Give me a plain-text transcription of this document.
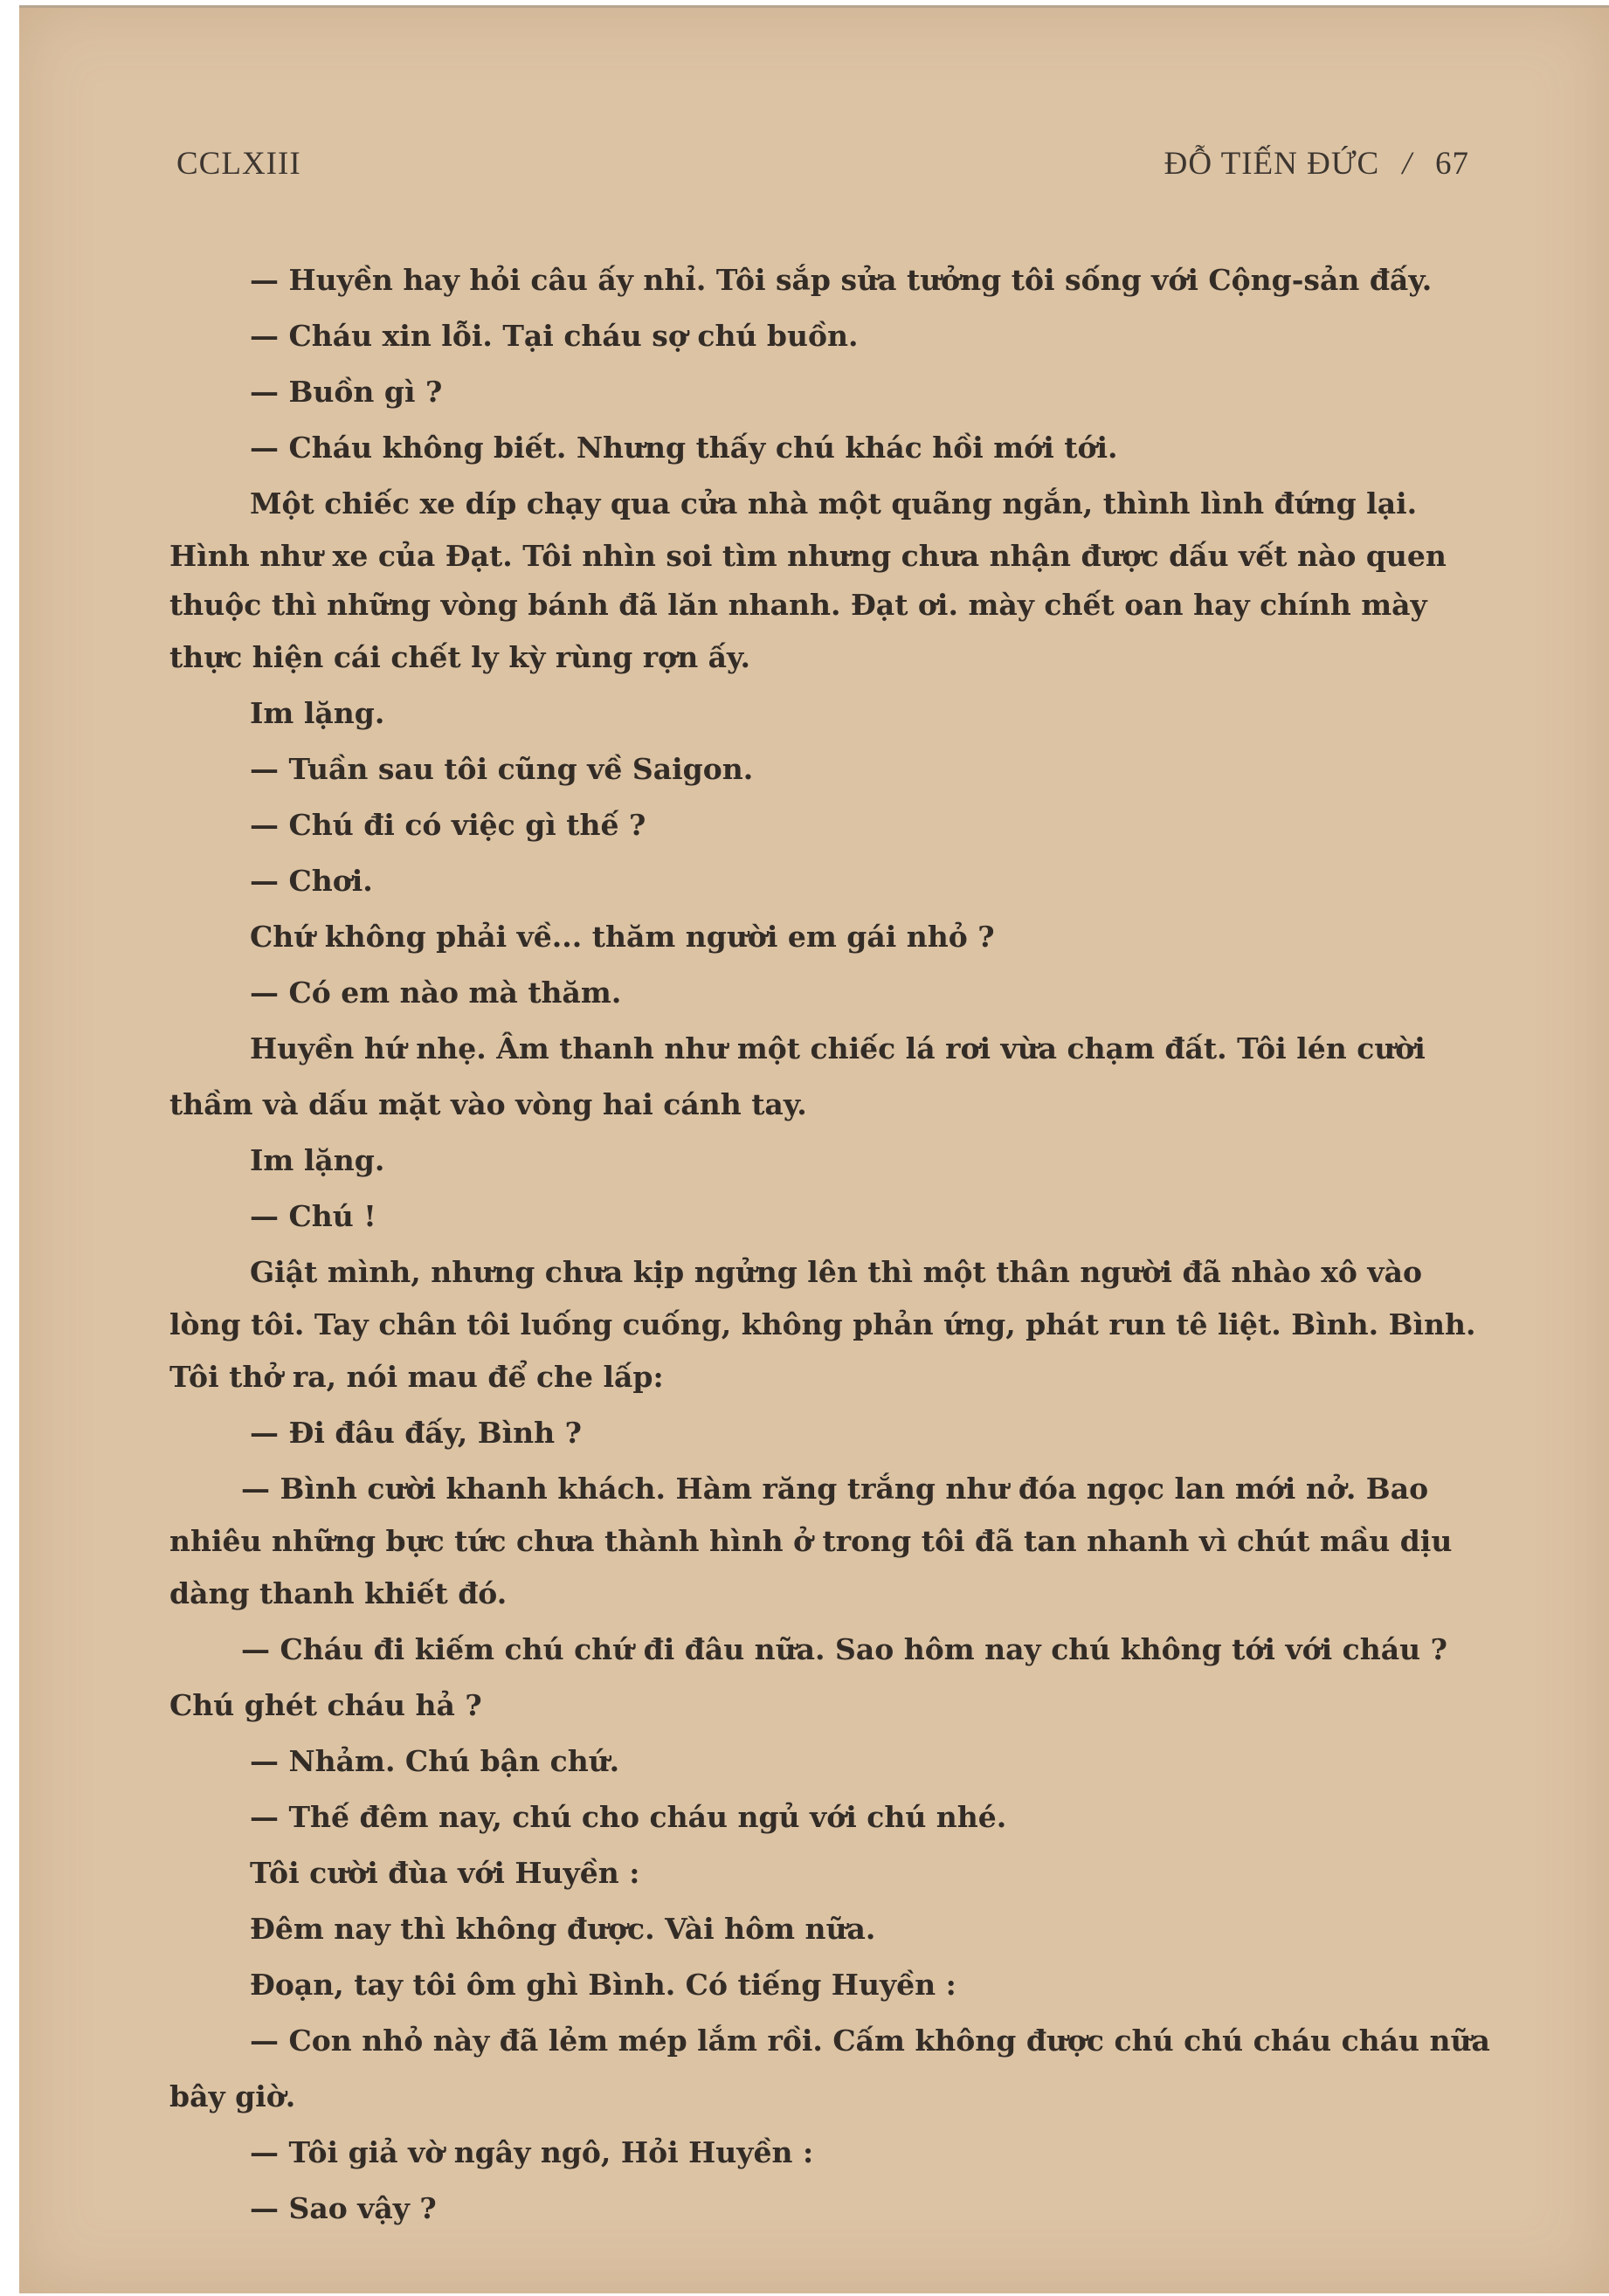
CCLXIII	ĐỖ TIẾN ĐỨC / 67
— Huyền hay hỏi câu ấy nhỉ. Tôi sắp sửa tưởng tôi sống với Cộng-sản đấy.
— Cháu xin lỗi. Tại cháu sợ chú buồn.
— Buồn gì ?
— Cháu không biết. Nhưng thấy chú khác hồi mới tới.
Một chiếc xe díp chạy qua cửa nhà một quãng ngắn, thình lình đứng lại.
Hình như xe của Đạt. Tôi nhìn soi tìm nhưng chưa nhận được dấu vết nào quen
thuộc thì những vòng bánh đã lăn nhanh. Đạt ơi. mày chết oan hay chính mày
thực hiện cái chết ly kỳ rùng rợn ấy.
Im lặng.
— Tuần sau tôi cũng về Saigon.
— Chú đi có việc gì thế ?
— Chơi.
Chứ không phải về... thăm người em gái nhỏ ?
— Có em nào mà thăm.
Huyền hứ nhẹ. Âm thanh như một chiếc lá rơi vừa chạm đất. Tôi lén cười
thầm và dấu mặt vào vòng hai cánh tay.
Im lặng.
— Chú !
Giật mình, nhưng chưa kịp ngửng lên thì một thân người đã nhào xô vào
lòng tôi. Tay chân tôi luống cuống, không phản ứng, phát run tê liệt. Bình. Bình.
Tôi thở ra, nói mau để che lấp:
— Đi đâu đấy, Bình ?
— Bình cười khanh khách. Hàm răng trắng như đóa ngọc lan mới nở. Bao
nhiêu những bực tức chưa thành hình ở trong tôi đã tan nhanh vì chút mầu dịu
dàng thanh khiết đó.
— Cháu đi kiếm chú chứ đi đâu nữa. Sao hôm nay chú không tới với cháu ?
Chú ghét cháu hả ?
— Nhảm. Chú bận chứ.
— Thế đêm nay, chú cho cháu ngủ với chú nhé.
Tôi cười đùa với Huyền :
Đêm nay thì không được. Vài hôm nữa.
Đoạn, tay tôi ôm ghì Bình. Có tiếng Huyền :
— Con nhỏ này đã lẻm mép lắm rồi. Cấm không được chú chú cháu cháu nữa
bây giờ.
— Tôi giả vờ ngây ngô, Hỏi Huyền :
— Sao vậy ?
